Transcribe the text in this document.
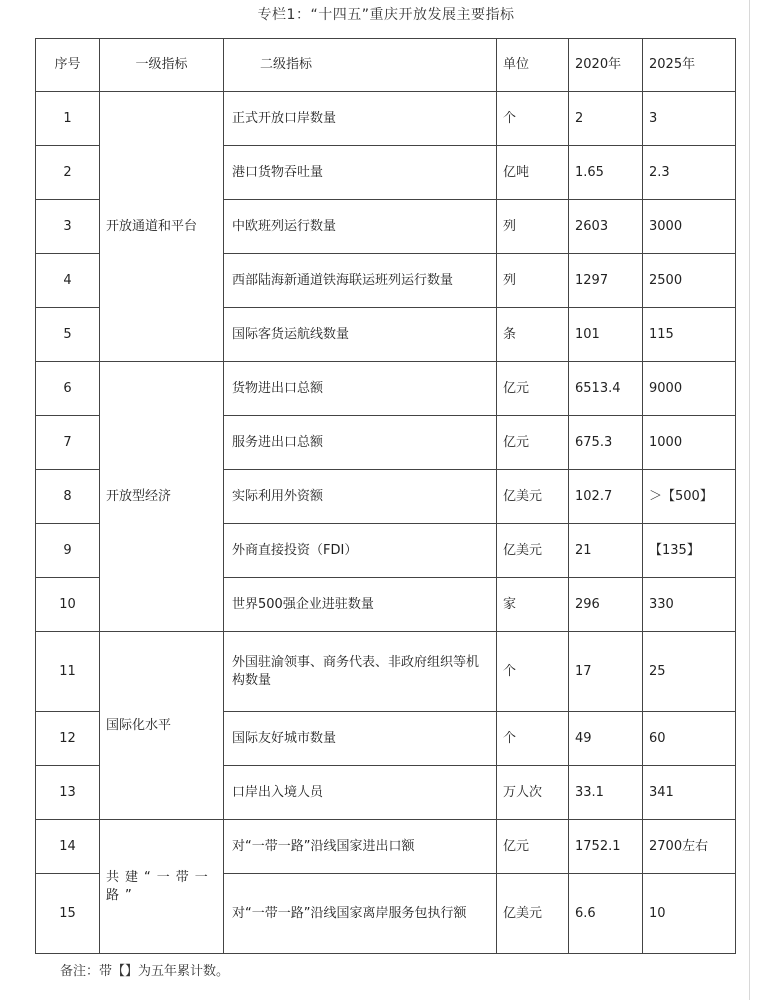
专栏1：“十四五”重庆开放发展主要指标
序号	一级指标	二级指标	单位	2020年	2025年
1	开放通道和平台	正式开放口岸数量	个	2	3
2		港口货物吞吐量	亿吨	1.65	2.3
3		中欧班列运行数量	列	2603	3000
4		西部陆海新通道铁海联运班列运行数量	列	1297	2500
5		国际客货运航线数量	条	101	115
6	开放型经济	货物进出口总额	亿元	6513.4	9000
7		服务进出口总额	亿元	675.3	1000
8		实际利用外资额	亿美元	102.7	＞【500】
9		外商直接投资（FDI）	亿美元	21	【135】
10		世界500强企业进驻数量	家	296	330
11	国际化水平	外国驻渝领事、商务代表、非政府组织等机构数量	个	17	25
12		国际友好城市数量	个	49	60
13		口岸出入境人员	万人次	33.1	341
14	共建“一带一路”	对“一带一路”沿线国家进出口额	亿元	1752.1	2700左右
15		对“一带一路”沿线国家离岸服务包执行额	亿美元	6.6	10
备注：带【】为五年累计数。
